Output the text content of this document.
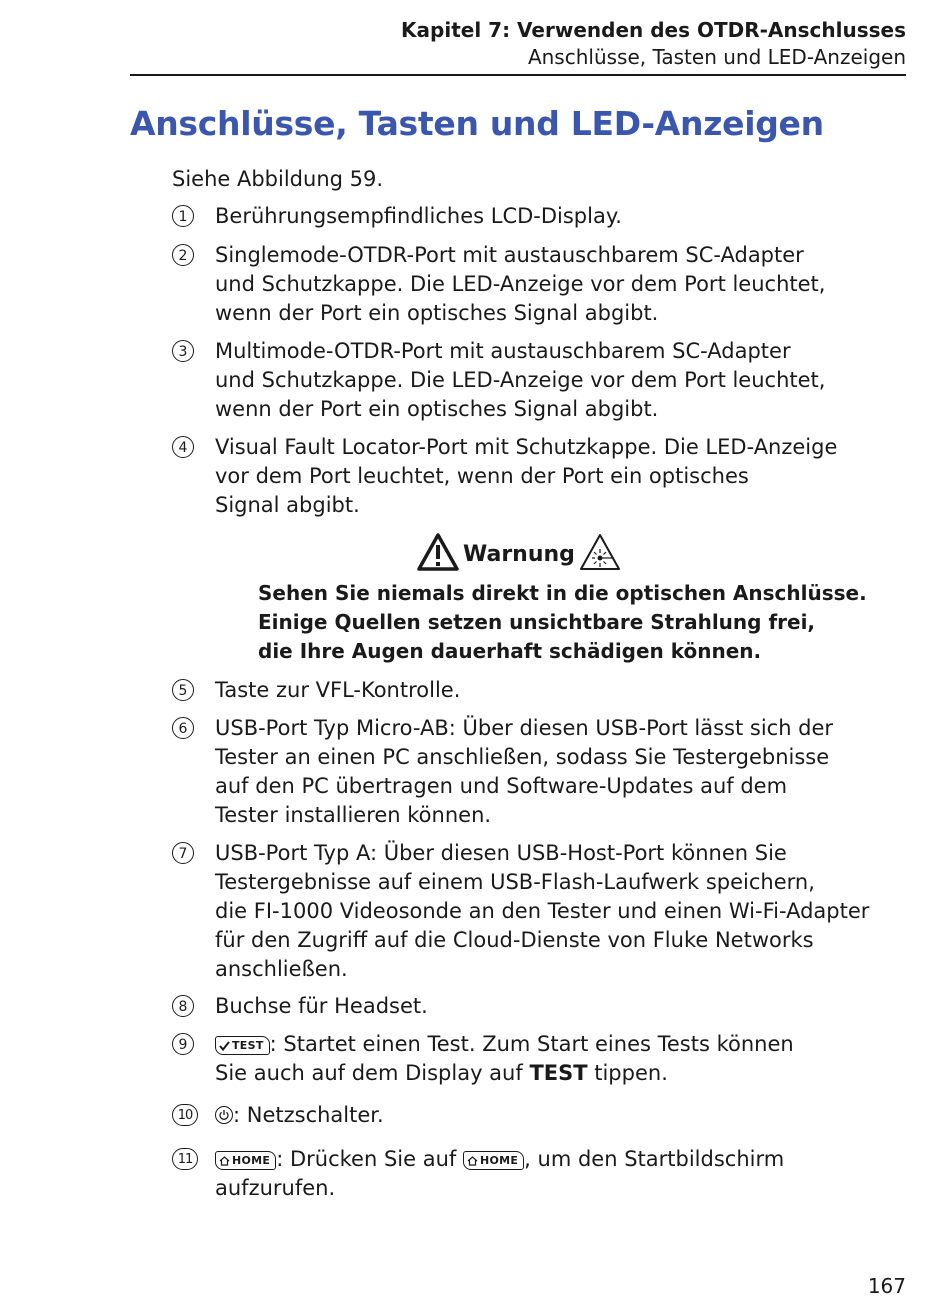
Kapitel 7: Verwenden des OTDR-Anschlusses
Anschlüsse, Tasten und LED-Anzeigen
Anschlüsse, Tasten und LED-Anzeigen
Siehe Abbildung 59.
1	Berührungsempfindliches LCD-Display.

2	Singlemode-OTDR-Port mit austauschbarem SC-Adapter

und Schutzkappe. Die LED-Anzeige vor dem Port leuchtet,

wenn der Port ein optisches Signal abgibt.

3	Multimode-OTDR-Port mit austauschbarem SC-Adapter

und Schutzkappe. Die LED-Anzeige vor dem Port leuchtet,

wenn der Port ein optisches Signal abgibt.

4	Visual Fault Locator-Port mit Schutzkappe. Die LED-Anzeige

vor dem Port leuchtet, wenn der Port ein optisches

Signal abgibt.

Warnung

Sehen Sie niemals direkt in die optischen Anschlüsse.

Einige Quellen setzen unsichtbare Strahlung frei,

die Ihre Augen dauerhaft schädigen können.

5	Taste zur VFL-Kontrolle.

6	USB-Port Typ Micro-AB: Über diesen USB-Port lässt sich der

Tester an einen PC anschließen, sodass Sie Testergebnisse

auf den PC übertragen und Software-Updates auf dem

Tester installieren können.

7	USB-Port Typ A: Über diesen USB-Host-Port können Sie

Testergebnisse auf einem USB-Flash-Laufwerk speichern,

die FI-1000 Videosonde an den Tester und einen Wi-Fi-Adapter

für den Zugriff auf die Cloud-Dienste von Fluke Networks

anschließen.

8	Buchse für Headset.

9	TEST : Startet einen Test. Zum Start eines Tests können

Sie auch auf dem Display auf TEST tippen.

10	: Netzschalter.

11	HOME : Drücken Sie auf HOME , um den Startbildschirm

aufzurufen.

167
